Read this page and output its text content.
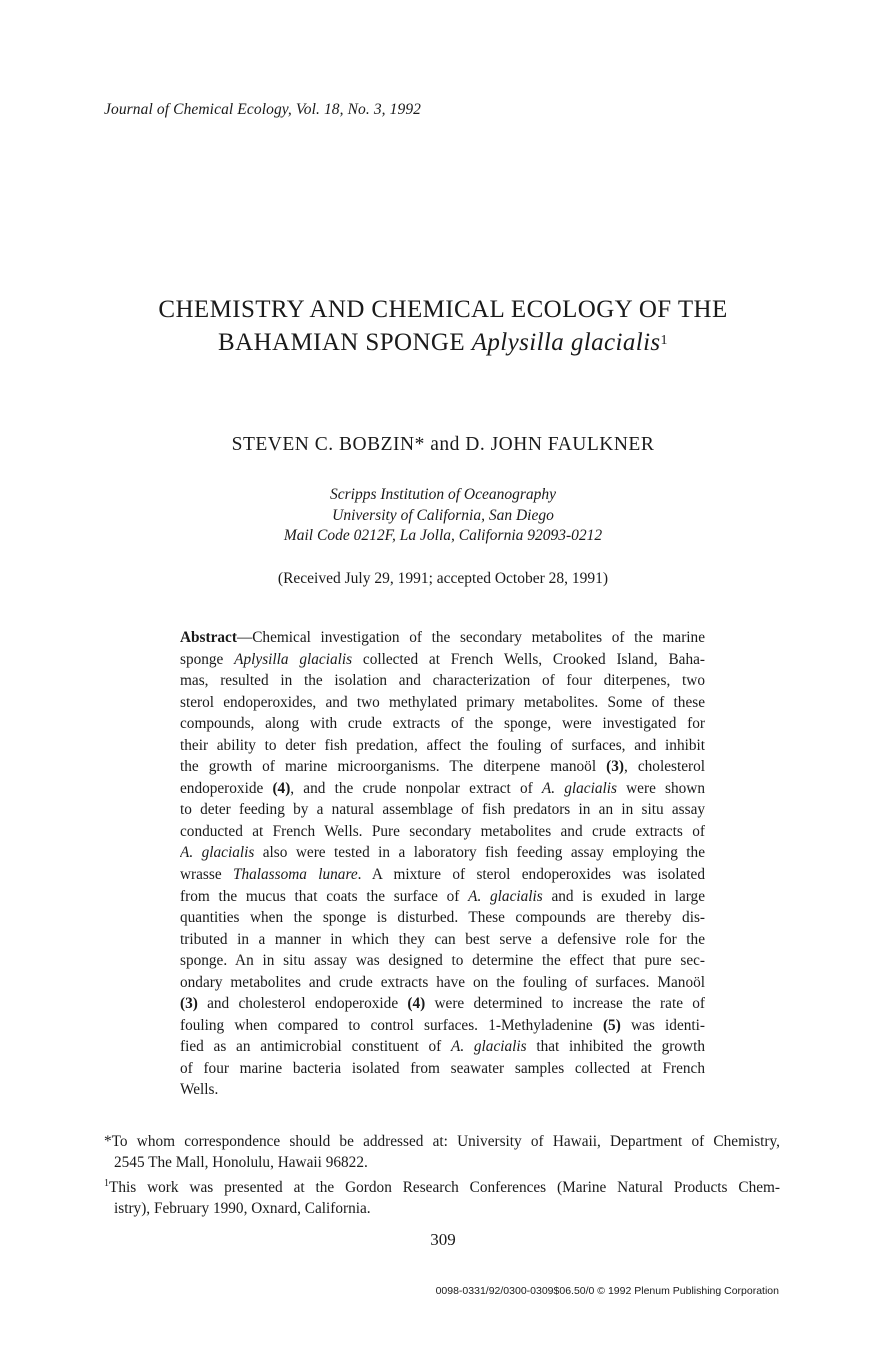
Journal of Chemical Ecology, Vol. 18, No. 3, 1992
CHEMISTRY AND CHEMICAL ECOLOGY OF THE
BAHAMIAN SPONGE Aplysilla glacialis$^1$
STEVEN C. BOBZIN* and D. JOHN FAULKNER
Scripps Institution of Oceanography
University of California, San Diego
Mail Code 0212F, La Jolla, California 92093-0212
(Received July 29, 1991; accepted October 28, 1991)
Abstract—Chemical investigation of the secondary metabolites of the marine
sponge Aplysilla glacialis collected at French Wells, Crooked Island, Baha-
mas, resulted in the isolation and characterization of four diterpenes, two
sterol endoperoxides, and two methylated primary metabolites. Some of these
compounds, along with crude extracts of the sponge, were investigated for
their ability to deter fish predation, affect the fouling of surfaces, and inhibit
the growth of marine microorganisms. The diterpene manoöl (3), cholesterol
endoperoxide (4), and the crude nonpolar extract of A. glacialis were shown
to deter feeding by a natural assemblage of fish predators in an in situ assay
conducted at French Wells. Pure secondary metabolites and crude extracts of
A. glacialis also were tested in a laboratory fish feeding assay employing the
wrasse Thalassoma lunare. A mixture of sterol endoperoxides was isolated
from the mucus that coats the surface of A. glacialis and is exuded in large
quantities when the sponge is disturbed. These compounds are thereby dis-
tributed in a manner in which they can best serve a defensive role for the
sponge. An in situ assay was designed to determine the effect that pure sec-
ondary metabolites and crude extracts have on the fouling of surfaces. Manoöl
(3) and cholesterol endoperoxide (4) were determined to increase the rate of
fouling when compared to control surfaces. 1-Methyladenine (5) was identi-
fied as an antimicrobial constituent of A. glacialis that inhibited the growth
of four marine bacteria isolated from seawater samples collected at French
Wells.
*To whom correspondence should be addressed at: University of Hawaii, Department of Chemistry,
2545 The Mall, Honolulu, Hawaii 96822.
$^1$This work was presented at the Gordon Research Conferences (Marine Natural Products Chem-
istry), February 1990, Oxnard, California.
309
0098-0331/92/0300-0309$06.50/0 © 1992 Plenum Publishing Corporation
